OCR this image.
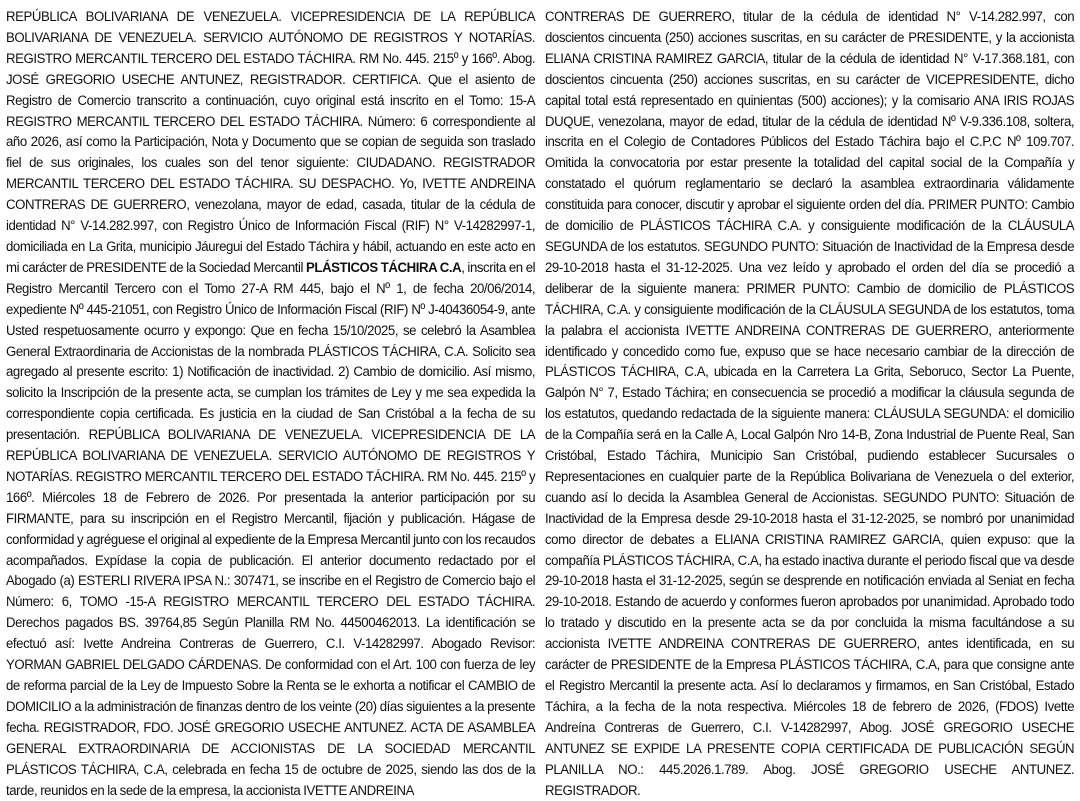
REPÚBLICA BOLIVARIANA DE VENEZUELA. VICEPRESIDENCIA DE LA REPÚBLICA BOLIVARIANA DE VENEZUELA. SERVICIO AUTÓNOMO DE REGISTROS Y NOTARÍAS. REGISTRO MERCANTIL TERCERO DEL ESTADO TÁCHIRA. RM No. 445. 215º y 166º. Abog. JOSÉ GREGORIO USECHE ANTUNEZ, REGISTRADOR. CERTIFICA. Que el asiento de Registro de Comercio transcrito a continuación, cuyo original está inscrito en el Tomo: 15-A REGISTRO MERCANTIL TERCERO DEL ESTADO TÁCHIRA. Número: 6 correspondiente al año 2026, así como la Participación, Nota y Documento que se copian de seguida son traslado fiel de sus originales, los cuales son del tenor siguiente: CIUDADANO. REGISTRADOR MERCANTIL TERCERO DEL ESTADO TÁCHIRA. SU DESPACHO. Yo, IVETTE ANDREINA CONTRERAS DE GUERRERO, venezolana, mayor de edad, casada, titular de la cédula de identidad N° V-14.282.997, con Registro Único de Información Fiscal (RIF) N° V-14282997-1, domiciliada en La Grita, municipio Jáuregui del Estado Táchira y hábil, actuando en este acto en mi carácter de PRESIDENTE de la Sociedad Mercantil PLÁSTICOS TÁCHIRA C.A, inscrita en el Registro Mercantil Tercero con el Tomo 27-A RM 445, bajo el Nº 1, de fecha 20/06/2014, expediente Nº 445-21051, con Registro Único de Información Fiscal (RIF) Nº J-40436054-9, ante Usted respetuosamente ocurro y expongo: Que en fecha 15/10/2025, se celebró la Asamblea General Extraordinaria de Accionistas de la nombrada PLÁSTICOS TÁCHIRA, C.A. Solicito sea agregado al presente escrito: 1) Notificación de inactividad. 2) Cambio de domicilio. Así mismo, solicito la Inscripción de la presente acta, se cumplan los trámites de Ley y me sea expedida la correspondiente copia certificada. Es justicia en la ciudad de San Cristóbal a la fecha de su presentación. REPÚBLICA BOLIVARIANA DE VENEZUELA. VICEPRESIDENCIA DE LA REPÚBLICA BOLIVARIANA DE VENEZUELA. SERVICIO AUTÓNOMO DE REGISTROS Y NOTARÍAS. REGISTRO MERCANTIL TERCERO DEL ESTADO TÁCHIRA. RM No. 445. 215º y 166º. Miércoles 18 de Febrero de 2026. Por presentada la anterior participación por su FIRMANTE, para su inscripción en el Registro Mercantil, fijación y publicación. Hágase de conformidad y agréguese el original al expediente de la Empresa Mercantil junto con los recaudos acompañados. Expídase la copia de publicación. El anterior documento redactado por el Abogado (a) ESTERLI RIVERA IPSA N.: 307471, se inscribe en el Registro de Comercio bajo el Número: 6, TOMO -15-A REGISTRO MERCANTIL TERCERO DEL ESTADO TÁCHIRA. Derechos pagados BS. 39764,85 Según Planilla RM No. 44500462013. La identificación se efectuó así: Ivette Andreina Contreras de Guerrero, C.I. V-14282997. Abogado Revisor: YORMAN GABRIEL DELGADO CÁRDENAS. De conformidad con el Art. 100 con fuerza de ley de reforma parcial de la Ley de Impuesto Sobre la Renta se le exhorta a notificar el CAMBIO de DOMICILIO a la administración de finanzas dentro de los veinte (20) días siguientes a la presente fecha. REGISTRADOR, FDO. JOSÉ GREGORIO USECHE ANTUNEZ. ACTA DE ASAMBLEA GENERAL EXTRAORDINARIA DE ACCIONISTAS DE LA SOCIEDAD MERCANTIL PLÁSTICOS TÁCHIRA, C.A, celebrada en fecha 15 de octubre de 2025, siendo las dos de la tarde, reunidos en la sede de la empresa, la accionista IVETTE ANDREINA

CONTRERAS DE GUERRERO, titular de la cédula de identidad N° V-14.282.997, con doscientos cincuenta (250) acciones suscritas, en su carácter de PRESIDENTE, y la accionista ELIANA CRISTINA RAMIREZ GARCIA, titular de la cédula de identidad N° V-17.368.181, con doscientos cincuenta (250) acciones suscritas, en su carácter de VICEPRESIDENTE, dicho capital total está representado en quinientas (500) acciones); y la comisario ANA IRIS ROJAS DUQUE, venezolana, mayor de edad, titular de la cédula de identidad Nº V-9.336.108, soltera, inscrita en el Colegio de Contadores Públicos del Estado Táchira bajo el C.P.C Nº 109.707. Omitida la convocatoria por estar presente la totalidad del capital social de la Compañía y constatado el quórum reglamentario se declaró la asamblea extraordinaria válidamente constituida para conocer, discutir y aprobar el siguiente orden del día. PRIMER PUNTO: Cambio de domicilio de PLÁSTICOS TÁCHIRA C.A. y consiguiente modificación de la CLÁUSULA SEGUNDA de los estatutos. SEGUNDO PUNTO: Situación de Inactividad de la Empresa desde 29-10-2018 hasta el 31-12-2025. Una vez leído y aprobado el orden del día se procedió a deliberar de la siguiente manera: PRIMER PUNTO: Cambio de domicilio de PLÁSTICOS TÁCHIRA, C.A. y consiguiente modificación de la CLÁUSULA SEGUNDA de los estatutos, toma la palabra el accionista IVETTE ANDREINA CONTRERAS DE GUERRERO, anteriormente identificado y concedido como fue, expuso que se hace necesario cambiar de la dirección de PLÁSTICOS TÁCHIRA, C.A, ubicada en la Carretera La Grita, Seboruco, Sector La Puente, Galpón N° 7, Estado Táchira; en consecuencia se procedió a modificar la cláusula segunda de los estatutos, quedando redactada de la siguiente manera: CLÁUSULA SEGUNDA: el domicilio de la Compañía será en la Calle A, Local Galpón Nro 14-B, Zona Industrial de Puente Real, San Cristóbal, Estado Táchira, Municipio San Cristóbal, pudiendo establecer Sucursales o Representaciones en cualquier parte de la República Bolivariana de Venezuela o del exterior, cuando así lo decida la Asamblea General de Accionistas. SEGUNDO PUNTO: Situación de Inactividad de la Empresa desde 29-10-2018 hasta el 31-12-2025, se nombró por unanimidad como director de debates a ELIANA CRISTINA RAMIREZ GARCIA, quien expuso: que la compañía PLÁSTICOS TÁCHIRA, C.A, ha estado inactiva durante el periodo fiscal que va desde 29-10-2018 hasta el 31-12-2025, según se desprende en notificación enviada al Seniat en fecha 29-10-2018. Estando de acuerdo y conformes fueron aprobados por unanimidad. Aprobado todo lo tratado y discutido en la presente acta se da por concluida la misma facultándose a su accionista IVETTE ANDREINA CONTRERAS DE GUERRERO, antes identificada, en su carácter de PRESIDENTE de la Empresa PLÁSTICOS TÁCHIRA, C.A, para que consigne ante el Registro Mercantil la presente acta. Así lo declaramos y firmamos, en San Cristóbal, Estado Táchira, a la fecha de la nota respectiva. Miércoles 18 de febrero de 2026, (FDOS) Ivette Andreína Contreras de Guerrero, C.I. V-14282997, Abog. JOSÉ GREGORIO USECHE ANTUNEZ SE EXPIDE LA PRESENTE COPIA CERTIFICADA DE PUBLICACIÓN SEGÚN PLANILLA NO.: 445.2026.1.789. Abog. JOSÉ GREGORIO USECHE ANTUNEZ. REGISTRADOR.
